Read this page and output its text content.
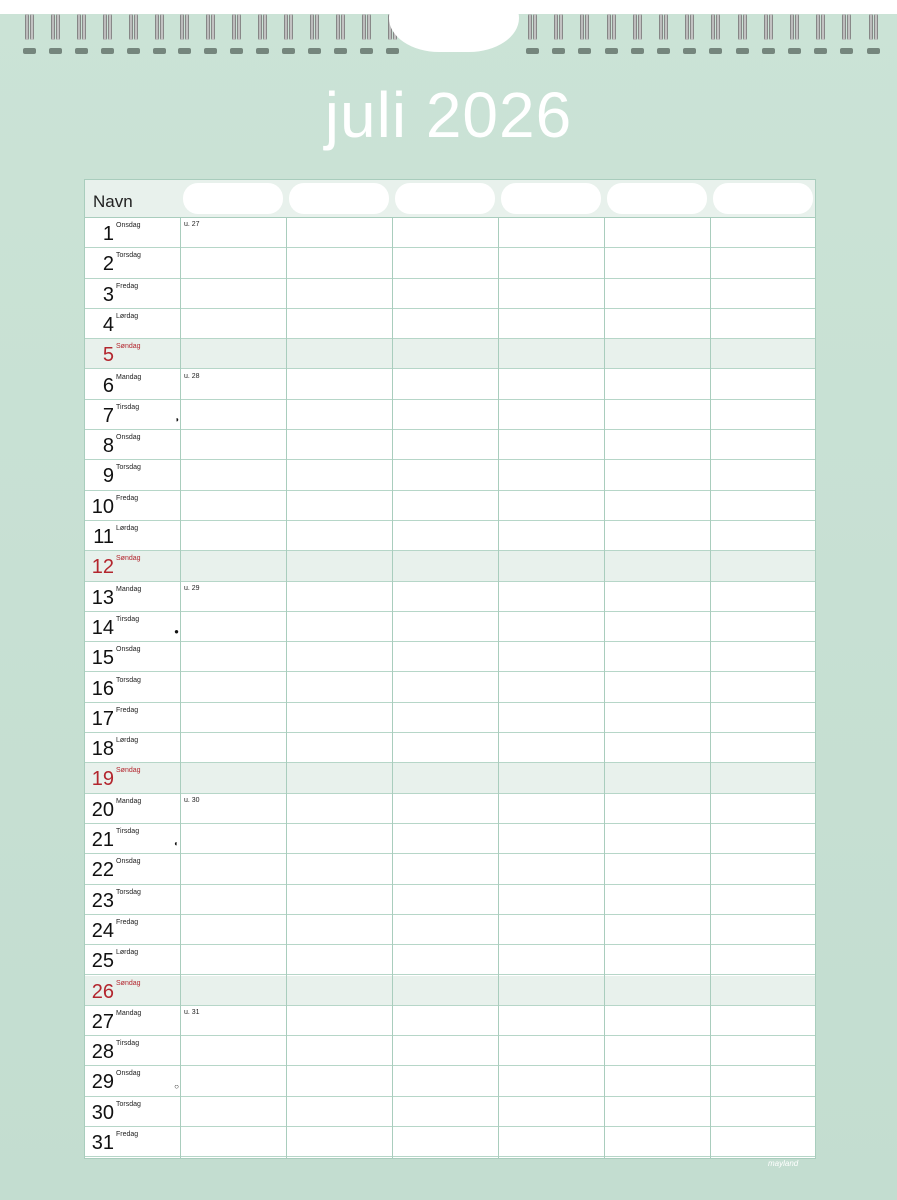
juli 2026
Navn
1 Onsdag	u. 27
2 Torsdag
3 Fredag
4 Lørdag
5 Søndag
6 Mandag	u. 28
7 Tirsdag
◑
8 Onsdag
9 Torsdag
10 Fredag
11 Lørdag
12 Søndag
13 Mandag	u. 29
14 Tirsdag
●
15 Onsdag
16 Torsdag
17 Fredag
18 Lørdag
19 Søndag
20 Mandag	u. 30
21 Tirsdag
◐
22 Onsdag
23 Torsdag
24 Fredag
25 Lørdag
26 Søndag
27 Mandag	u. 31
28 Tirsdag
29 Onsdag
○
30 Torsdag
31 Fredag
mayland
